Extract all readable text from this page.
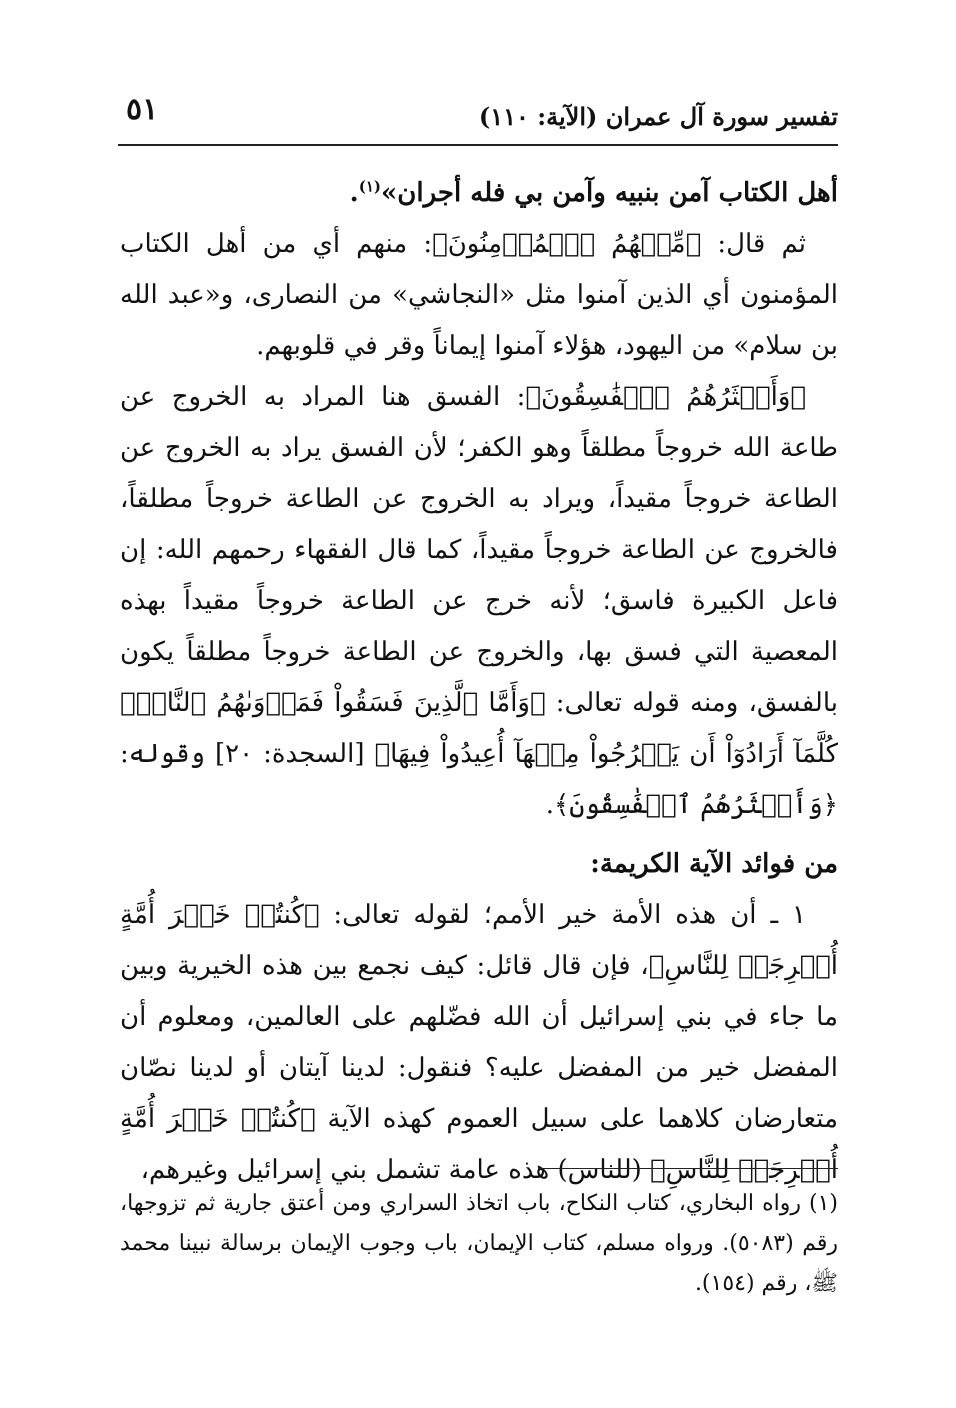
تفسير سورة آل عمران (الآية: ١١٠)
٥١

أهل الكتاب آمن بنبيه وآمن بي فله أجران»$^{(١)}$.

ثم قال: ﴿مِّنۡهُمُ ٱلۡمُؤۡمِنُونَ﴾: منهم أي من أهل الكتاب المؤمنون أي الذين آمنوا مثل «النجاشي» من النصارى، و«عبد الله بن سلام» من اليهود، هؤلاء آمنوا إيماناً وقر في قلوبهم.

﴿وَأَكۡثَرُهُمُ ٱلۡفَٰسِقُونَ﴾: الفسق هنا المراد به الخروج عن طاعة الله خروجاً مطلقاً وهو الكفر؛ لأن الفسق يراد به الخروج عن الطاعة خروجاً مقيداً، ويراد به الخروج عن الطاعة خروجاً مطلقاً، فالخروج عن الطاعة خروجاً مقيداً، كما قال الفقهاء رحمهم الله: إن فاعل الكبيرة فاسق؛ لأنه خرج عن الطاعة خروجاً مقيداً بهذه المعصية التي فسق بها، والخروج عن الطاعة خروجاً مطلقاً يكون بالفسق، ومنه قوله تعالى: ﴿وَأَمَّا ٱلَّذِينَ فَسَقُواْ فَمَأۡوَىٰهُمُ ٱلنَّارُۖ كُلَّمَآ أَرَادُوٓاْ أَن يَخۡرُجُواْ مِنۡهَآ أُعِيدُواْ فِيهَا﴾ [السجدة: ٢٠] وقوله: ﴿وَأَكۡثَرُهُمُ ٱلۡفَٰسِقُونَ﴾.

من فوائد الآية الكريمة:

١ ـ أن هذه الأمة خير الأمم؛ لقوله تعالى: ﴿كُنتُمۡ خَيۡرَ أُمَّةٍ أُخۡرِجَتۡ لِلنَّاسِ﴾، فإن قال قائل: كيف نجمع بين هذه الخيرية وبين ما جاء في بني إسرائيل أن الله فضّلهم على العالمين، ومعلوم أن المفضل خير من المفضل عليه؟ فنقول: لدينا آيتان أو لدينا نصّان متعارضان كلاهما على سبيل العموم كهذه الآية ﴿كُنتُمۡ خَيۡرَ أُمَّةٍ أُخۡرِجَتۡ لِلنَّاسِ﴾ (للناس) هذه عامة تشمل بني إسرائيل وغيرهم،

(١) رواه البخاري، كتاب النكاح، باب اتخاذ السراري ومن أعتق جارية ثم تزوجها، رقم (٥٠٨٣). ورواه مسلم، كتاب الإيمان، باب وجوب الإيمان برسالة نبينا محمد ﷺ، رقم (١٥٤).
